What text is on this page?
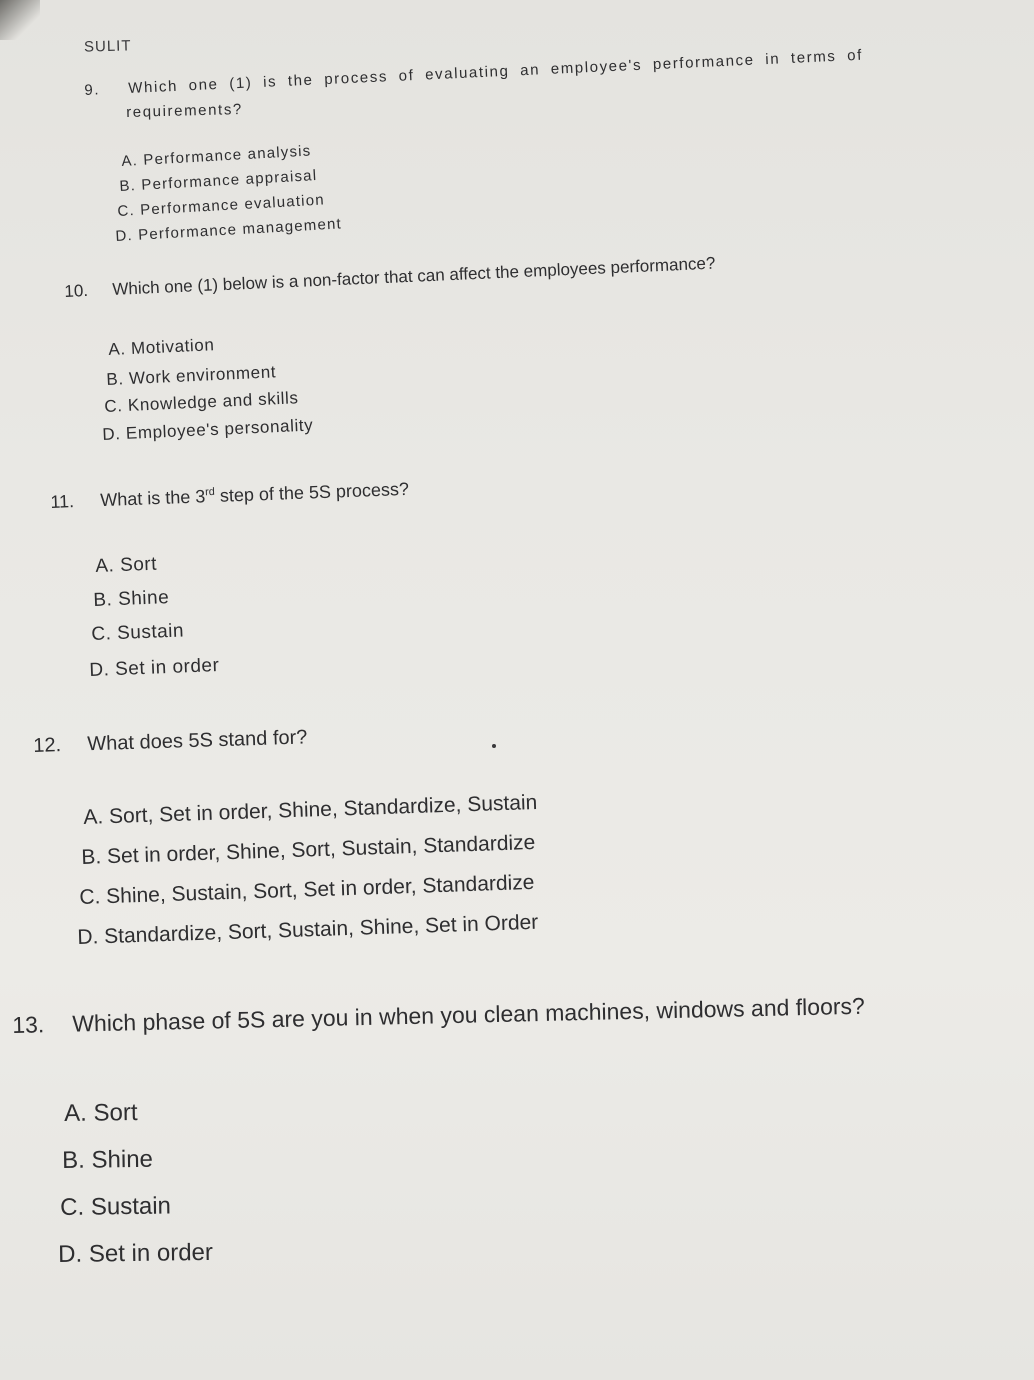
SULIT
9. Which one (1) is the process of evaluating an employee's performance in terms of
requirements?
A. Performance analysis
B. Performance appraisal
C. Performance evaluation
D. Performance management
10. Which one (1) below is a non-factor that can affect the employees performance?
A. Motivation
B. Work environment
C. Knowledge and skills
D. Employee's personality
11. What is the 3rd step of the 5S process?
A. Sort
B. Shine
C. Sustain
D. Set in order
12. What does 5S stand for?
A. Sort, Set in order, Shine, Standardize, Sustain
B. Set in order, Shine, Sort, Sustain, Standardize
C. Shine, Sustain, Sort, Set in order, Standardize
D. Standardize, Sort, Sustain, Shine, Set in Order
13. Which phase of 5S are you in when you clean machines, windows and floors?
A. Sort
B. Shine
C. Sustain
D. Set in order
